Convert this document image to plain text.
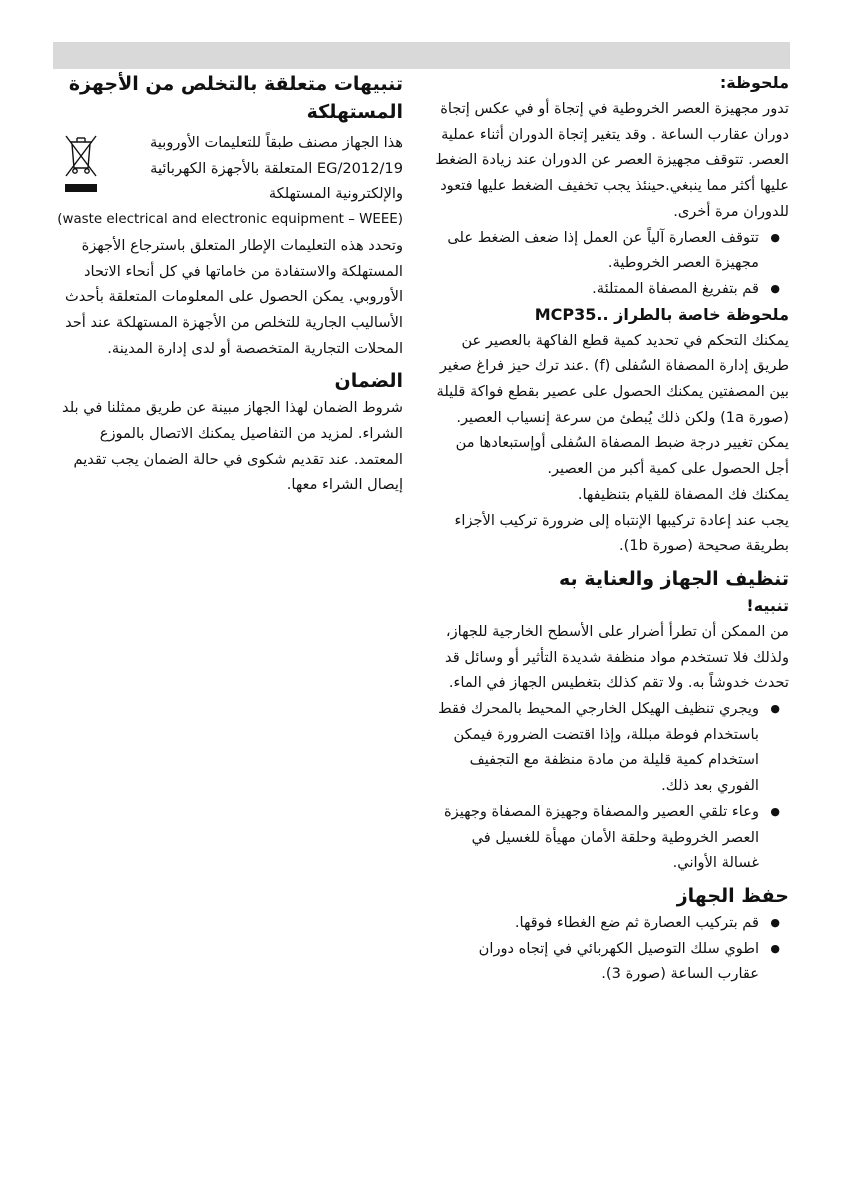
ملحوظة:

تدور مجهيزة العصر الخروطية في إتجاة أو في عكس إتجاة دوران عقارب الساعة . وقد يتغير إتجاة الدوران أثناء عملية العصر. تتوقف مجهيزة العصر عن الدوران عند زيادة الضغط عليها أكثر مما ينبغي.حينئذ يجب تخفيف الضغط عليها فتعود للدوران مرة أخرى.

●
تتوقف العصارة آلياً عن العمل إذا ضعف الضغط على مجهيزة العصر الخروطية.
●
قم بتفريغ المصفاة الممتلئة.
ملحوظة خاصة بالطراز ..MCP35

يمكنك التحكم في تحديد كمية قطع الفاكهة بالعصير عن طريق إدارة المصفاة السُفلى (f) .عند ترك حيز فراغ صغير بين المصفتين يمكنك الحصول على عصير بقطع فواكة قليلة (صورة 1a) ولكن ذلك يُبطئ من سرعة إنسياب العصير.

يمكن تغيير درجة ضبط المصفاة السُفلى أوإستبعادها من أجل الحصول على كمية أكبر من العصير.

يمكنك فك المصفاة للقيام بتنظيفها.

يجب عند إعادة تركيبها الإنتباه إلى ضرورة تركيب الأجزاء بطريقة صحيحة (صورة 1b).

تنظيف الجهاز والعناية به
تنبيه!

من الممكن أن تطرأ أضرار على الأسطح الخارجية للجهاز، ولذلك فلا تستخدم مواد منظفة شديدة التأثير أو وسائل قد تحدث خدوشاً به. ولا تقم كذلك بتغطيس الجهاز في الماء.

●
ويجري تنظيف الهيكل الخارجي المحيط بالمحرك فقط باستخدام فوطة مبللة، وإذا اقتضت الضرورة فيمكن استخدام كمية قليلة من مادة منظفة مع التجفيف الفوري بعد ذلك.
●
وعاء تلقي العصير والمصفاة وجهيزة المصفاة وجهيزة العصر الخروطية وحلقة الأمان مهيأة للغسيل في غسالة الأواني.
حفظ الجهاز
●
قم بتركيب العصارة ثم ضع الغطاء فوقها.
●
اطوي سلك التوصيل الكهربائي في إتجاه دوران عقارب الساعة (صورة 3).
تنبيهات متعلقة بالتخلص من الأجهزة المستهلكة
هذا الجهاز مصنف طبقاً للتعليمات الأوروبية 2012/19/EG المتعلقة بالأجهزة الكهربائية والإلكترونية المستهلكة

(waste electrical and electronic equipment – WEEE)

وتحدد هذه التعليمات الإطار المتعلق باسترجاع الأجهزة المستهلكة والاستفادة من خاماتها في كل أنحاء الاتحاد الأوروبي. يمكن الحصول على المعلومات المتعلقة بأحدث الأساليب الجارية للتخلص من الأجهزة المستهلكة عند أحد المحلات التجارية المتخصصة أو لدى إدارة المدينة.

الضمان

شروط الضمان لهذا الجهاز مبينة عن طريق ممثلنا في بلد الشراء. لمزيد من التفاصيل يمكنك الاتصال بالموزع المعتمد. عند تقديم شكوى في حالة الضمان يجب تقديم إيصال الشراء معها.
